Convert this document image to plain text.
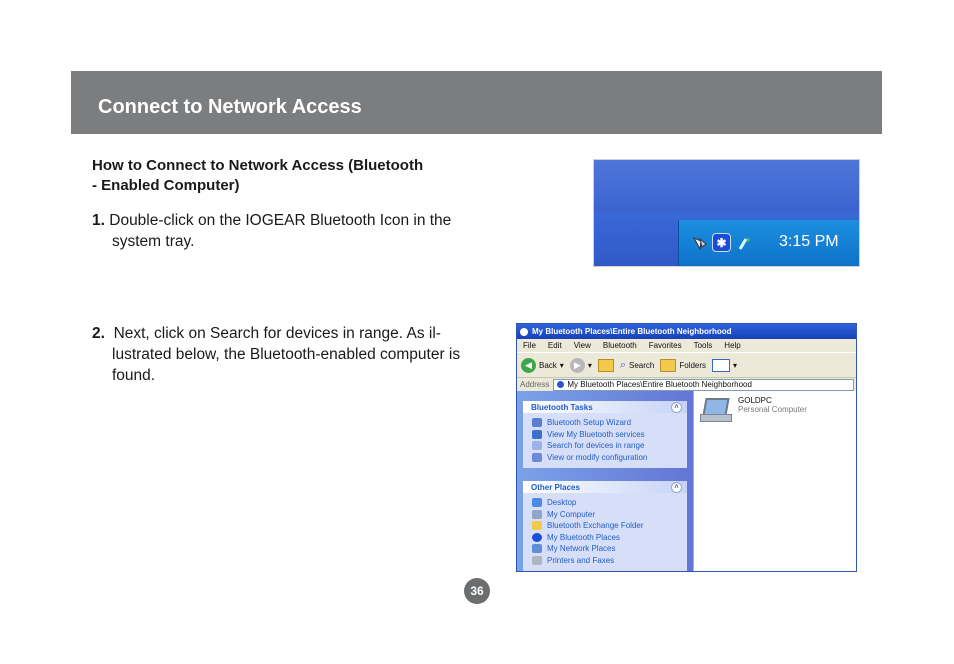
Connect to Network Access
How to Connect to Network Access (Bluetooth
- Enabled Computer)
1. Double-click on the IOGEAR Bluetooth Icon in the system tray.
2. Next, click on Search for devices in range. As il-lustrated below, the Bluetooth-enabled computer is found.
✱	3:15 PM
My Bluetooth Places\Entire Bluetooth Neighborhood
File Edit View Bluetooth Favorites Tools Help
◀ Back ▾	▶ ▾	⌕ Search	Folders	▾
Address My Bluetooth Places\Entire Bluetooth Neighborhood
Bluetooth Tasks	˄
Bluetooth Setup Wizard
View My Bluetooth services
Search for devices in range
View or modify configuration
Other Places	˄
Desktop
My Computer
Bluetooth Exchange Folder
My Bluetooth Places
My Network Places
Printers and Faxes
GOLDPC
Personal Computer
36
